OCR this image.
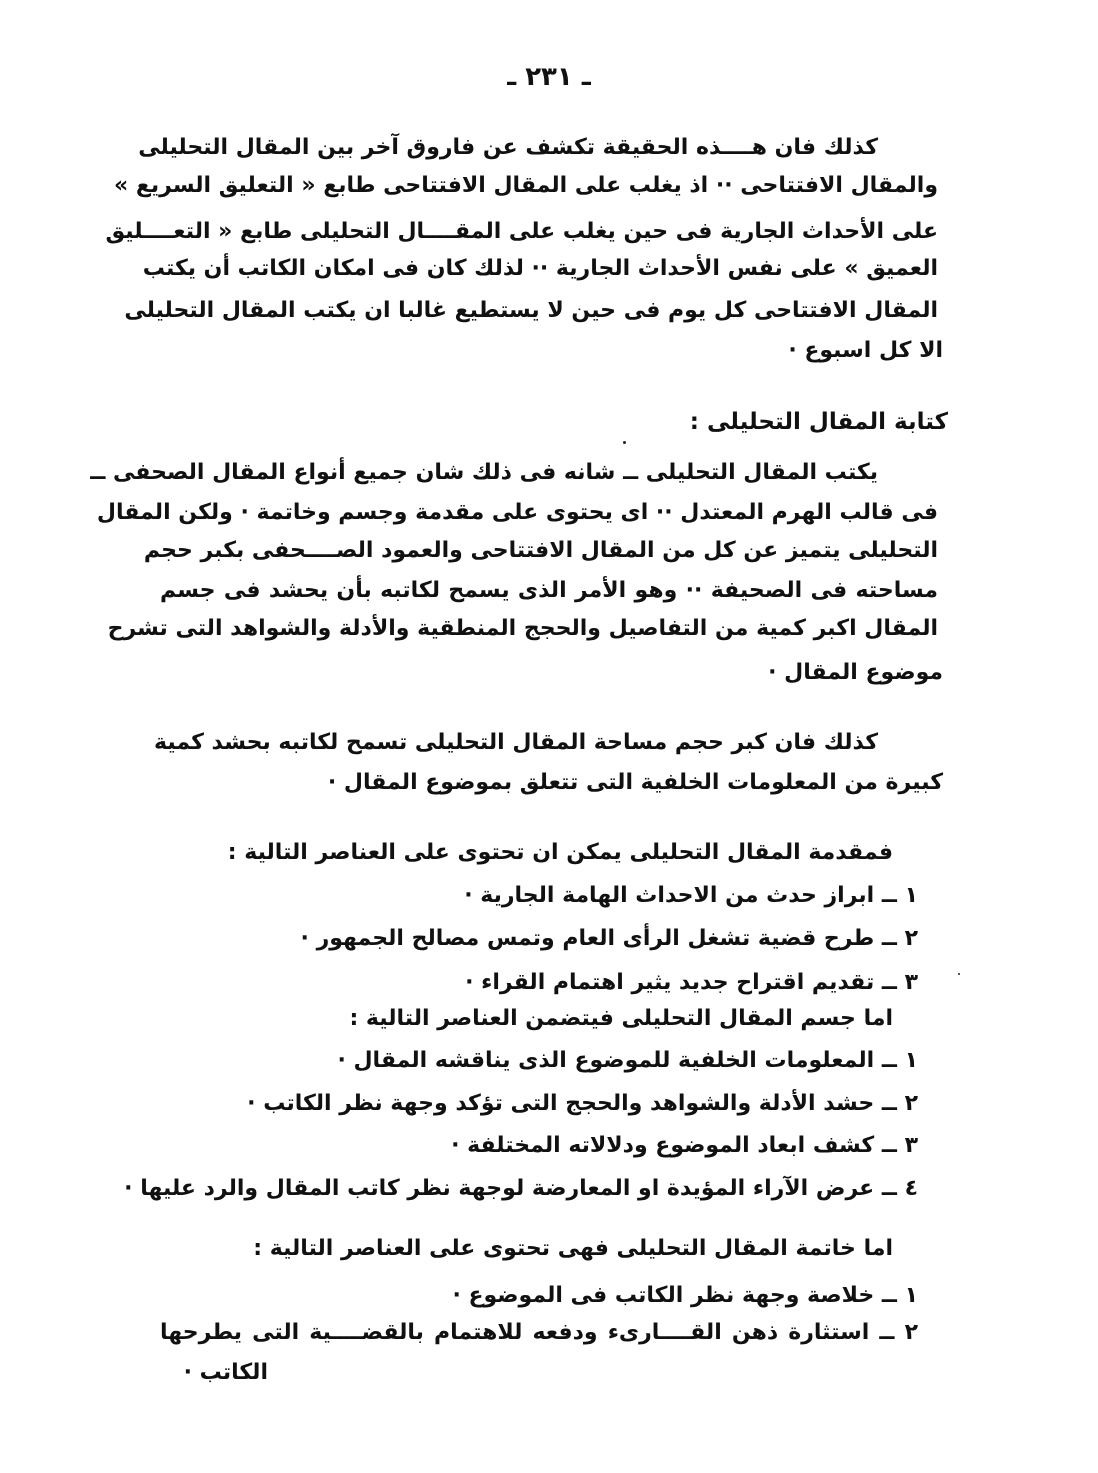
ـ ٢٣١ ـ
كذلك فان هــــذه الحقيقة تكشف عن فاروق آخر بين المقال التحليلى
والمقال الافتتاحى ·· اذ يغلب على المقال الافتتاحى طابع « التعليق السريع »
على الأحداث الجارية فى حين يغلب على المقــــال التحليلى طابع « التعــــليق
العميق » على نفس الأحداث الجارية ·· لذلك كان فى امكان الكاتب أن يكتب
المقال الافتتاحى كل يوم فى حين لا يستطيع غالبا ان يكتب المقال التحليلى
الا كل اسبوع ·
كتابة المقال التحليلى :
يكتب المقال التحليلى ــ شانه فى ذلك شان جميع أنواع المقال الصحفى ــ
فى قالب الهرم المعتدل ·· اى يحتوى على مقدمة وجسم وخاتمة · ولكن المقال
التحليلى يتميز عن كل من المقال الافتتاحى والعمود الصــــحفى بكبر حجم
مساحته فى الصحيفة ·· وهو الأمر الذى يسمح لكاتبه بأن يحشد فى جسم
المقال اكبر كمية من التفاصيل والحجج المنطقية والأدلة والشواهد التى تشرح
موضوع المقال ·
كذلك فان كبر حجم مساحة المقال التحليلى تسمح لكاتبه بحشد كمية
كبيرة من المعلومات الخلفية التى تتعلق بموضوع المقال ·
فمقدمة المقال التحليلى يمكن ان تحتوى على العناصر التالية :
١ ــ ابراز حدث من الاحداث الهامة الجارية ·
٢ ــ طرح قضية تشغل الرأى العام وتمس مصالح الجمهور ·
٣ ــ تقديم اقتراح جديد يثير اهتمام القراء ·
اما جسم المقال التحليلى فيتضمن العناصر التالية :
١ ــ المعلومات الخلفية للموضوع الذى يناقشه المقال ·
٢ ــ حشد الأدلة والشواهد والحجج التى تؤكد وجهة نظر الكاتب ·
٣ ــ كشف ابعاد الموضوع ودلالاته المختلفة ·
٤ ــ عرض الآراء المؤيدة او المعارضة لوجهة نظر كاتب المقال والرد عليها ·
اما خاتمة المقال التحليلى فهى تحتوى على العناصر التالية :
١ ــ خلاصة وجهة نظر الكاتب فى الموضوع ·
٢ ــ استثارة ذهن القــــارىء ودفعه للاهتمام بالقضــــية التى يطرحها
الكاتب ·
